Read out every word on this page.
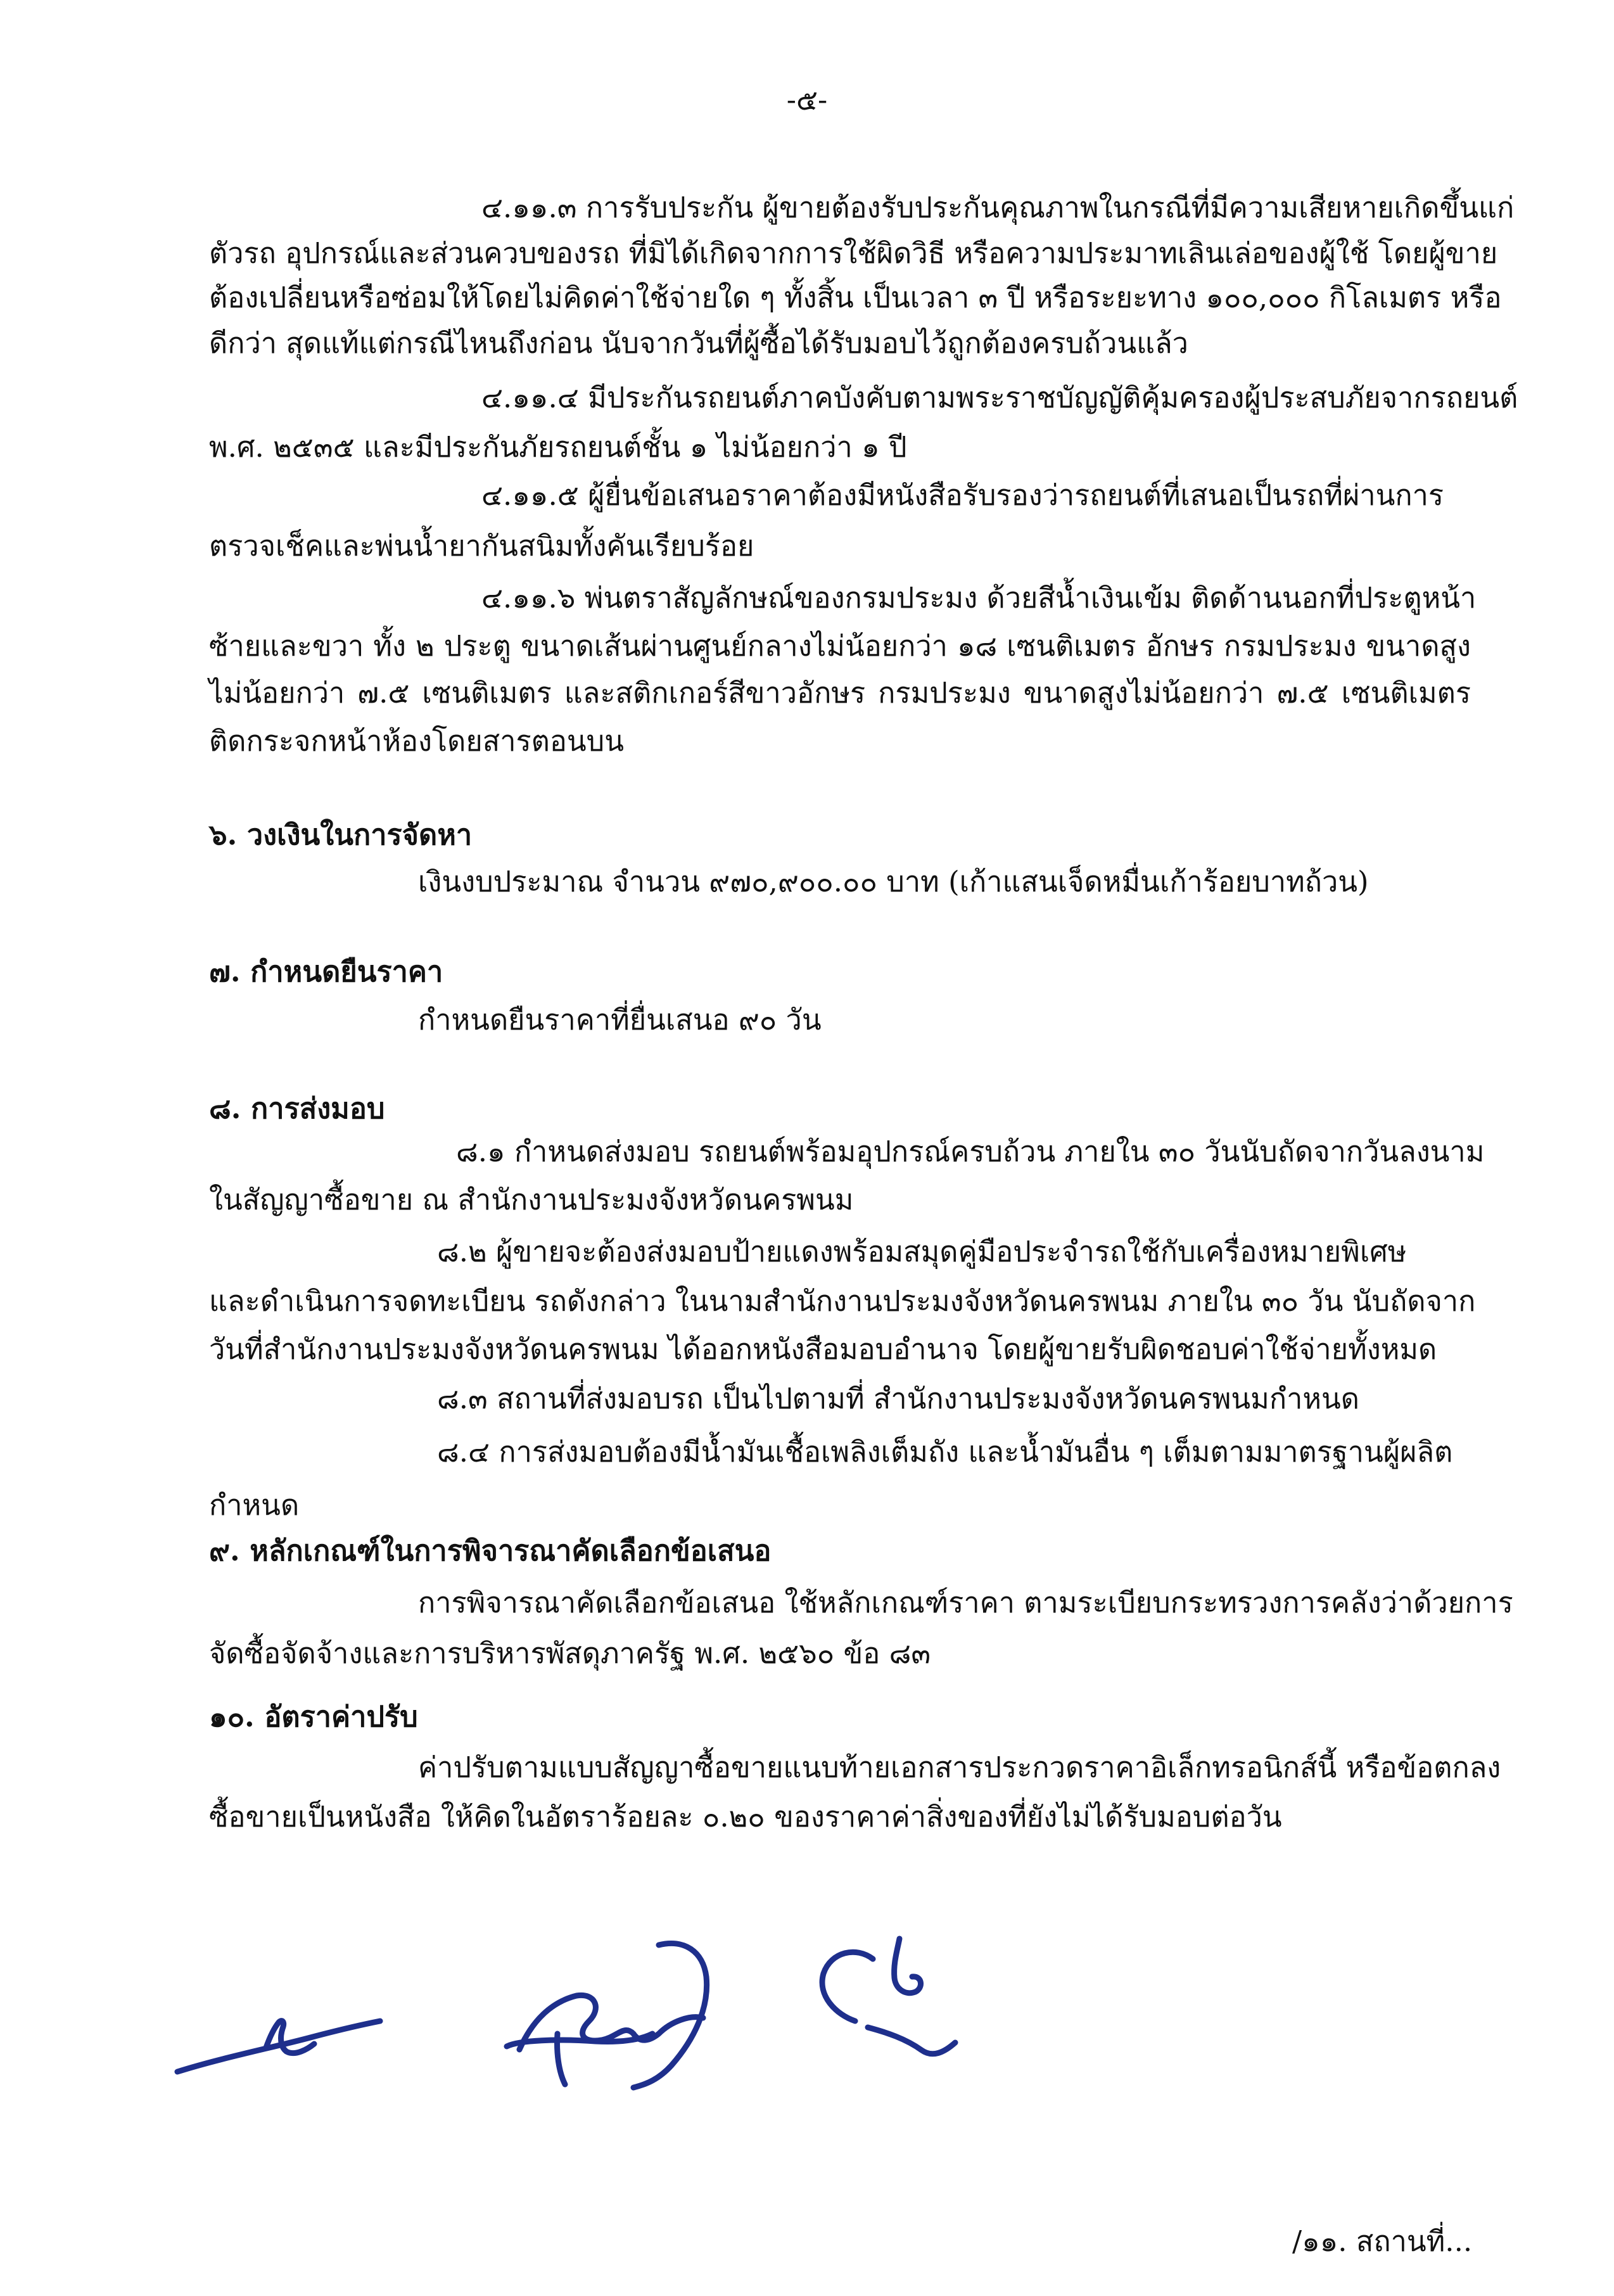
-๕-

๔.๑๑.๓ การรับประกัน ผู้ขายต้องรับประกันคุณภาพในกรณีที่มีความเสียหายเกิดขึ้นแก่

ตัวรถ อุปกรณ์และส่วนควบของรถ ที่มิได้เกิดจากการใช้ผิดวิธี หรือความประมาทเลินเล่อของผู้ใช้ โดยผู้ขาย

ต้องเปลี่ยนหรือซ่อมให้โดยไม่คิดค่าใช้จ่ายใด ๆ ทั้งสิ้น เป็นเวลา ๓ ปี หรือระยะทาง ๑๐๐,๐๐๐ กิโลเมตร หรือ

ดีกว่า สุดแท้แต่กรณีไหนถึงก่อน นับจากวันที่ผู้ซื้อได้รับมอบไว้ถูกต้องครบถ้วนแล้ว

๔.๑๑.๔ มีประกันรถยนต์ภาคบังคับตามพระราชบัญญัติคุ้มครองผู้ประสบภัยจากรถยนต์

พ.ศ. ๒๕๓๕ และมีประกันภัยรถยนต์ชั้น ๑ ไม่น้อยกว่า ๑ ปี

๔.๑๑.๕ ผู้ยื่นข้อเสนอราคาต้องมีหนังสือรับรองว่ารถยนต์ที่เสนอเป็นรถที่ผ่านการ

ตรวจเช็คและพ่นน้ำยากันสนิมทั้งคันเรียบร้อย

๔.๑๑.๖ พ่นตราสัญลักษณ์ของกรมประมง ด้วยสีน้ำเงินเข้ม ติดด้านนอกที่ประตูหน้า

ซ้ายและขวา ทั้ง ๒ ประตู ขนาดเส้นผ่านศูนย์กลางไม่น้อยกว่า ๑๘ เซนติเมตร อักษร กรมประมง ขนาดสูง

ไม่น้อยกว่า ๗.๕ เซนติเมตร และสติกเกอร์สีขาวอักษร กรมประมง ขนาดสูงไม่น้อยกว่า ๗.๕ เซนติเมตร

ติดกระจกหน้าห้องโดยสารตอนบน

๖. วงเงินในการจัดหา

เงินงบประมาณ จำนวน ๙๗๐,๙๐๐.๐๐ บาท (เก้าแสนเจ็ดหมื่นเก้าร้อยบาทถ้วน)

๗. กำหนดยืนราคา

กำหนดยืนราคาที่ยื่นเสนอ ๙๐ วัน

๘. การส่งมอบ

๘.๑ กำหนดส่งมอบ รถยนต์พร้อมอุปกรณ์ครบถ้วน ภายใน ๓๐ วันนับถัดจากวันลงนาม

ในสัญญาซื้อขาย ณ สำนักงานประมงจังหวัดนครพนม

๘.๒ ผู้ขายจะต้องส่งมอบป้ายแดงพร้อมสมุดคู่มือประจำรถใช้กับเครื่องหมายพิเศษ

และดำเนินการจดทะเบียน รถดังกล่าว ในนามสำนักงานประมงจังหวัดนครพนม ภายใน ๓๐ วัน นับถัดจาก

วันที่สำนักงานประมงจังหวัดนครพนม ได้ออกหนังสือมอบอำนาจ โดยผู้ขายรับผิดชอบค่าใช้จ่ายทั้งหมด

๘.๓ สถานที่ส่งมอบรถ เป็นไปตามที่ สำนักงานประมงจังหวัดนครพนมกำหนด

๘.๔ การส่งมอบต้องมีน้ำมันเชื้อเพลิงเต็มถัง และน้ำมันอื่น ๆ เต็มตามมาตรฐานผู้ผลิต

กำหนด

๙. หลักเกณฑ์ในการพิจารณาคัดเลือกข้อเสนอ

การพิจารณาคัดเลือกข้อเสนอ ใช้หลักเกณฑ์ราคา ตามระเบียบกระทรวงการคลังว่าด้วยการ

จัดซื้อจัดจ้างและการบริหารพัสดุภาครัฐ พ.ศ. ๒๕๖๐ ข้อ ๘๓

๑๐. อัตราค่าปรับ

ค่าปรับตามแบบสัญญาซื้อขายแนบท้ายเอกสารประกวดราคาอิเล็กทรอนิกส์นี้ หรือข้อตกลง

ซื้อขายเป็นหนังสือ ให้คิดในอัตราร้อยละ ๐.๒๐ ของราคาค่าสิ่งของที่ยังไม่ได้รับมอบต่อวัน

/๑๑. สถานที่...
